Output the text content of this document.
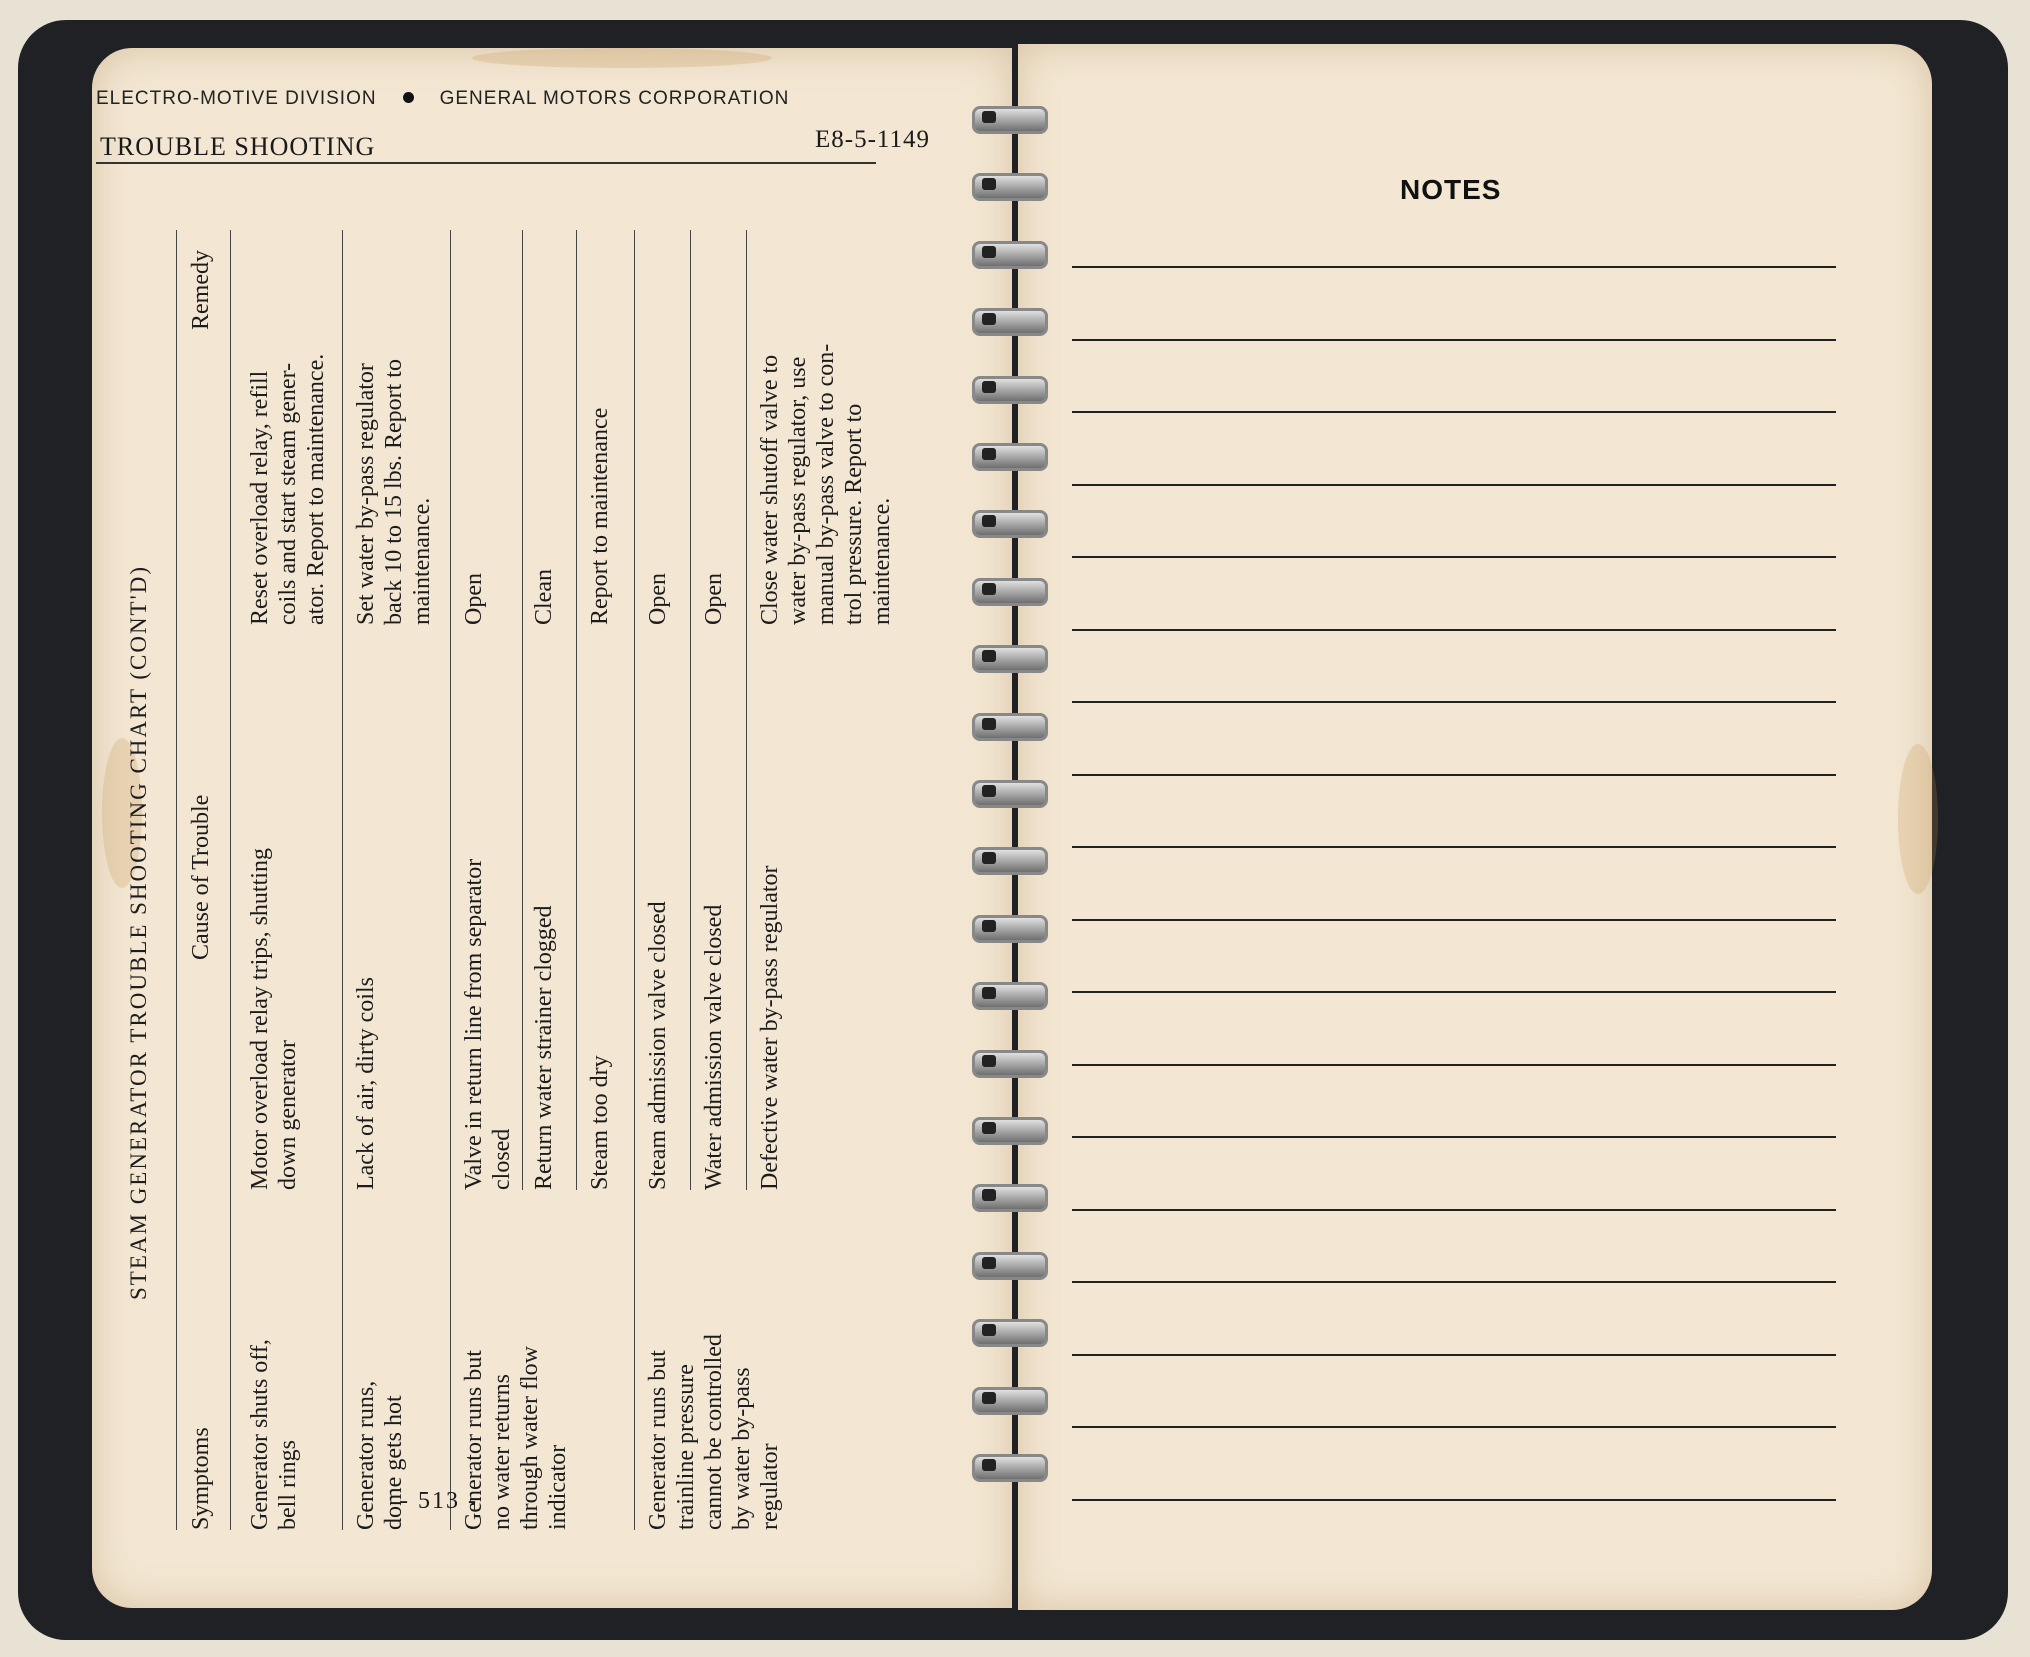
ELECTRO-MOTIVE DIVISION	GENERAL MOTORS CORPORATION
TROUBLE SHOOTING	E8-5-1149
STEAM GENERATOR TROUBLE SHOOTING CHART (CONT'D)
Symptoms
Cause of Trouble
Remedy
Generator shuts off,
bell rings
Motor overload relay trips, shutting
down generator
Reset overload relay, refill
coils and start steam gener-
ator. Report to maintenance.
Generator runs,
dome gets hot
Lack of air, dirty coils
Set water by-pass regulator
back 10 to 15 lbs. Report to
maintenance.
Generator runs but
no water returns
through water flow
indicator
Valve in return line from separator
closed
Open
Return water strainer clogged
Clean
Steam too dry
Report to maintenance
Generator runs but
trainline pressure
cannot be controlled
by water by-pass
regulator
Steam admission valve closed
Open
Water admission valve closed
Open
Defective water by-pass regulator
Close water shutoff valve to
water by-pass regulator, use
manual by-pass valve to con-
trol pressure. Report to
maintenance.
- 513 -
NOTES
